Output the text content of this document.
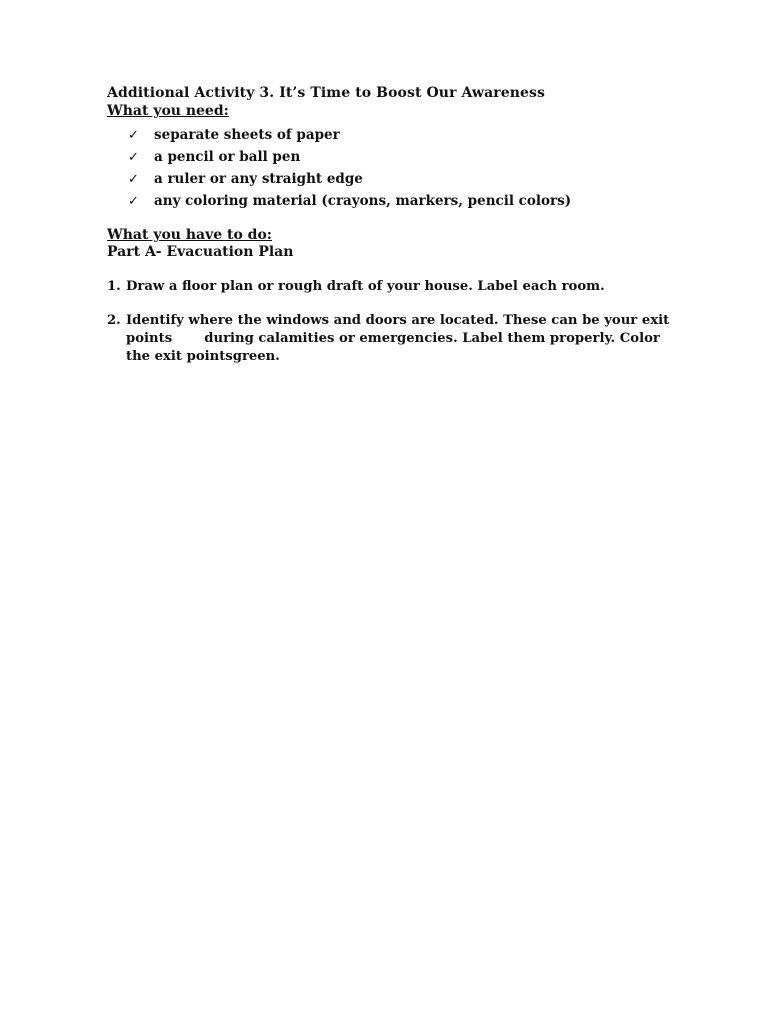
Additional Activity 3. It’s Time to Boost Our Awareness

What you need:

✓	separate sheets of paper
✓	a pencil or ball pen
✓	a ruler or any straight edge
✓	any coloring material (crayons, markers, pencil colors)

What you have to do:

Part A- Evacuation Plan

1. Draw a floor plan or rough draft of your house. Label each room.
2. Identify where the windows and doors are located. These can be your exit
points       during calamities or emergencies. Label them properly. Color
the exit pointsgreen.
